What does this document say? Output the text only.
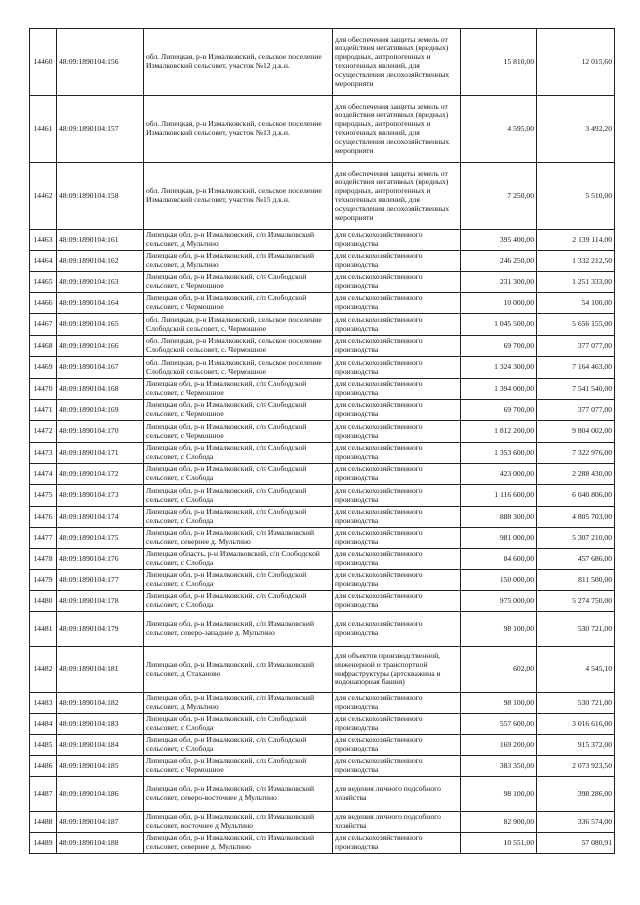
14460	48:09:1890104:156	обл. Липецкая, р-н Измалковский, сельское поселение Измалковский сельсовет, участок №12 д.к.н.	для обеспечения защиты земель от воздействия негативных (вредных) природных, антропогенных и техногенных явлений, для осуществления лесохозяйственных мероприяти	15 810,00	12 015,60
14461	48:09:1890104:157	обл. Липецкая, р-н Измалковский, сельское поселение Измалковский сельсовет, участок №13 д.к.н.	для обеспечения защиты земель от воздействия негативных (вредных) природных, антропогенных и техногенных явлений, для осуществления лесохозяйственных мероприяти	4 595,00	3 492,20
14462	48:09:1890104:158	обл. Липецкая, р-н Измалковский, сельское поселение Измалковский сельсовет, участок №15 д.к.н.	для обеспечения защиты земель от воздействия негативных (вредных) природных, антропогенных и техногенных явлений, для осуществления лесохозяйственных мероприяти	7 250,00	5 510,00
14463	48:09:1890104:161	Липецкая обл, р-н Измалковский, с/п Измалковский сельсовет, д Мультино	для сельскохозяйственного производства	395 400,00	2 139 114,00
14464	48:09:1890104:162	Липецкая обл, р-н Измалковский, с/п Измалковский сельсовет, д Мультино	для сельскохозяйственного производства	246 250,00	1 332 212,50
14465	48:09:1890104:163	Липецкая обл, р-н Измалковский, с/п Слободской сельсовет, с Чермошное	для сельскохозяйственного производства	231 300,00	1 251 333,00
14466	48:09:1890104:164	Липецкая обл, р-н Измалковский, с/п Слободской сельсовет, с Чермошное	для сельскохозяйственного производства	10 000,00	54 100,00
14467	48:09:1890104:165	обл. Липецкая, р-н Измалковский, сельское поселение Слободской сельсовет, с. Чермошное	для сельскохозяйственного производства	1 045 500,00	5 656 155,00
14468	48:09:1890104:166	обл. Липецкая, р-н Измалковский, сельское поселение Слободской сельсовет, с. Чермошное	для сельскохозяйственного производства	69 700,00	377 077,00
14469	48:09:1890104:167	обл. Липецкая, р-н Измалковский, сельское поселение Слободской сельсовет, с. Чермошное	для сельскохозяйственного производства	1 324 300,00	7 164 463,00
14470	48:09:1890104:168	Липецкая обл, р-н Измалковский, с/п Слободской сельсовет, с Чермошное	для сельскохозяйственного производства	1 394 000,00	7 541 540,00
14471	48:09:1890104:169	Липецкая обл, р-н Измалковский, с/п Слободской сельсовет, с Чермошное	для сельскохозяйственного производства	69 700,00	377 077,00
14472	48:09:1890104:170	Липецкая обл, р-н Измалковский, с/п Слободской сельсовет, с Чермошное	для сельскохозяйственного производства	1 812 200,00	9 804 002,00
14473	48:09:1890104:171	Липецкая обл, р-н Измалковский, с/п Слободской сельсовет, с Слобода	для сельскохозяйственного производства	1 353 600,00	7 322 976,00
14474	48:09:1890104:172	Липецкая обл, р-н Измалковский, с/п Слободской сельсовет, с Слобода	для сельскохозяйственного производства	423 000,00	2 288 430,00
14475	48:09:1890104:173	Липецкая обл, р-н Измалковский, с/п Слободской сельсовет, с Слобода	для сельскохозяйственного производства	1 116 600,00	6 040 806,00
14476	48:09:1890104:174	Липецкая обл, р-н Измалковский, с/п Слободской сельсовет, с Слобода	для сельскохозяйственного производства	888 300,00	4 805 703,00
14477	48:09:1890104:175	Липецкая обл, р-н Измалковский, с/п Измалковский сельсовет, севернее д. Мультино	для сельскохозяйственного производства	981 000,00	5 307 210,00
14478	48:09:1890104:176	Липецкая область, р-н Измалковский, с/п Слободской сельсовет, с Слобода	для сельскохозяйственного производства	84 600,00	457 686,00
14479	48:09:1890104:177	Липецкая обл, р-н Измалковский, с/п Слободской сельсовет, с Слобода	для сельскохозяйственного производства	150 000,00	811 500,00
14480	48:09:1890104:178	Липецкая обл, р-н Измалковский, с/п Слободской сельсовет, с Слобода	для сельскохозяйственного производства	975 000,00	5 274 750,00
14481	48:09:1890104:179	Липецкая обл, р-н Измалковский, с/п Измалковский сельсовет, северо-западнее д. Мультино	для сельскохозяйственного производства	98 100,00	530 721,00
14482	48:09:1890104:181	Липецкая обл, р-н Измалковский, с/п Измалковский сельсовет, д Стаханово	для объектов производственной, инженерной и транспортной инфраструктуры (артскважина и водонапорная башня)	602,00	4 545,10
14483	48:09:1890104:182	Липецкая обл, р-н Измалковский, с/п Измалковский сельсовет, д Мультино	для сельскохозяйственного производства	98 100,00	530 721,00
14484	48:09:1890104:183	Липецкая обл, р-н Измалковский, с/п Слободской сельсовет, с Слобода	для сельскохозяйственного производства	557 600,00	3 016 616,00
14485	48:09:1890104:184	Липецкая обл, р-н Измалковский, с/п Слободской сельсовет, с Слобода	для сельскохозяйственного производства	169 200,00	915 372,00
14486	48:09:1890104:185	Липецкая обл, р-н Измалковский, с/п Слободской сельсовет, с Чермошное	для сельскохозяйственного производства	383 350,00	2 073 923,50
14487	48:09:1890104:186	Липецкая обл, р-н Измалковский, с/п Измалковский сельсовет, северо-восточнее д Мультино	для ведения личного подсобного хозяйства	98 100,00	398 286,00
14488	48:09:1890104:187	Липецкая обл, р-н Измалковский, с/п Измалковский сельсовет, восточнее д Мультино	для ведения личного подсобного хозяйства	82 900,00	336 574,00
14489	48:09:1890104:188	Липецкая обл, р-н Измалковский, с/п Измалковский сельсовет, севернее д. Мультино	для сельскохозяйственного производства	10 551,00	57 080,91
